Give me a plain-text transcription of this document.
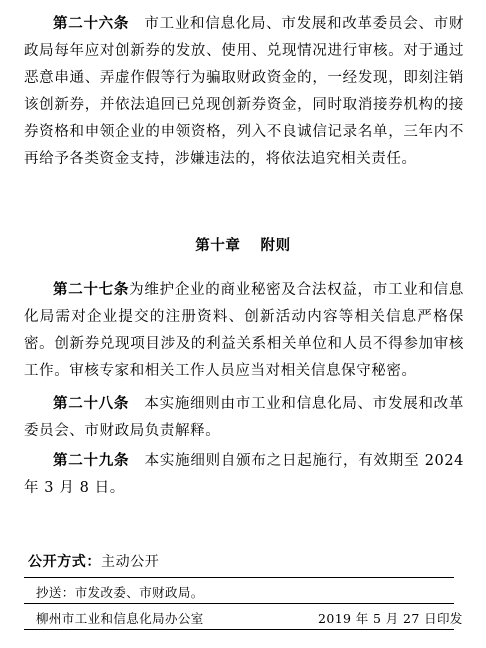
第二十六条　 市工业和信息化局、市发展和改革委员会、市财政局每年应对创新券的发放、使用、兑现情况进行审核。对于通过恶意串通、弄虚作假等行为骗取财政资金的，一经发现，即刻注销该创新券，并依法追回已兑现创新券资金，同时取消接券机构的接券资格和申领企业的申领资格，列入不良诚信记录名单，三年内不再给予各类资金支持，涉嫌违法的，将依法追究相关责任。

第十章 附则

第二十七条为维护企业的商业秘密及合法权益，市工业和信息化局需对企业提交的注册资料、创新活动内容等相关信息严格保密。创新券兑现项目涉及的利益关系相关单位和人员不得参加审核工作。审核专家和相关工作人员应当对相关信息保守秘密。

第二十八条　 本实施细则由市工业和信息化局、市发展和改革委员会、市财政局负责解释。

第二十九条　 本实施细则自颁布之日起施行，有效期至 2024 年 3 月 8 日。

公开方式：主动公开
抄送：市发改委、市财政局。
柳州市工业和信息化局办公室	2019 年 5 月 27 日印发
